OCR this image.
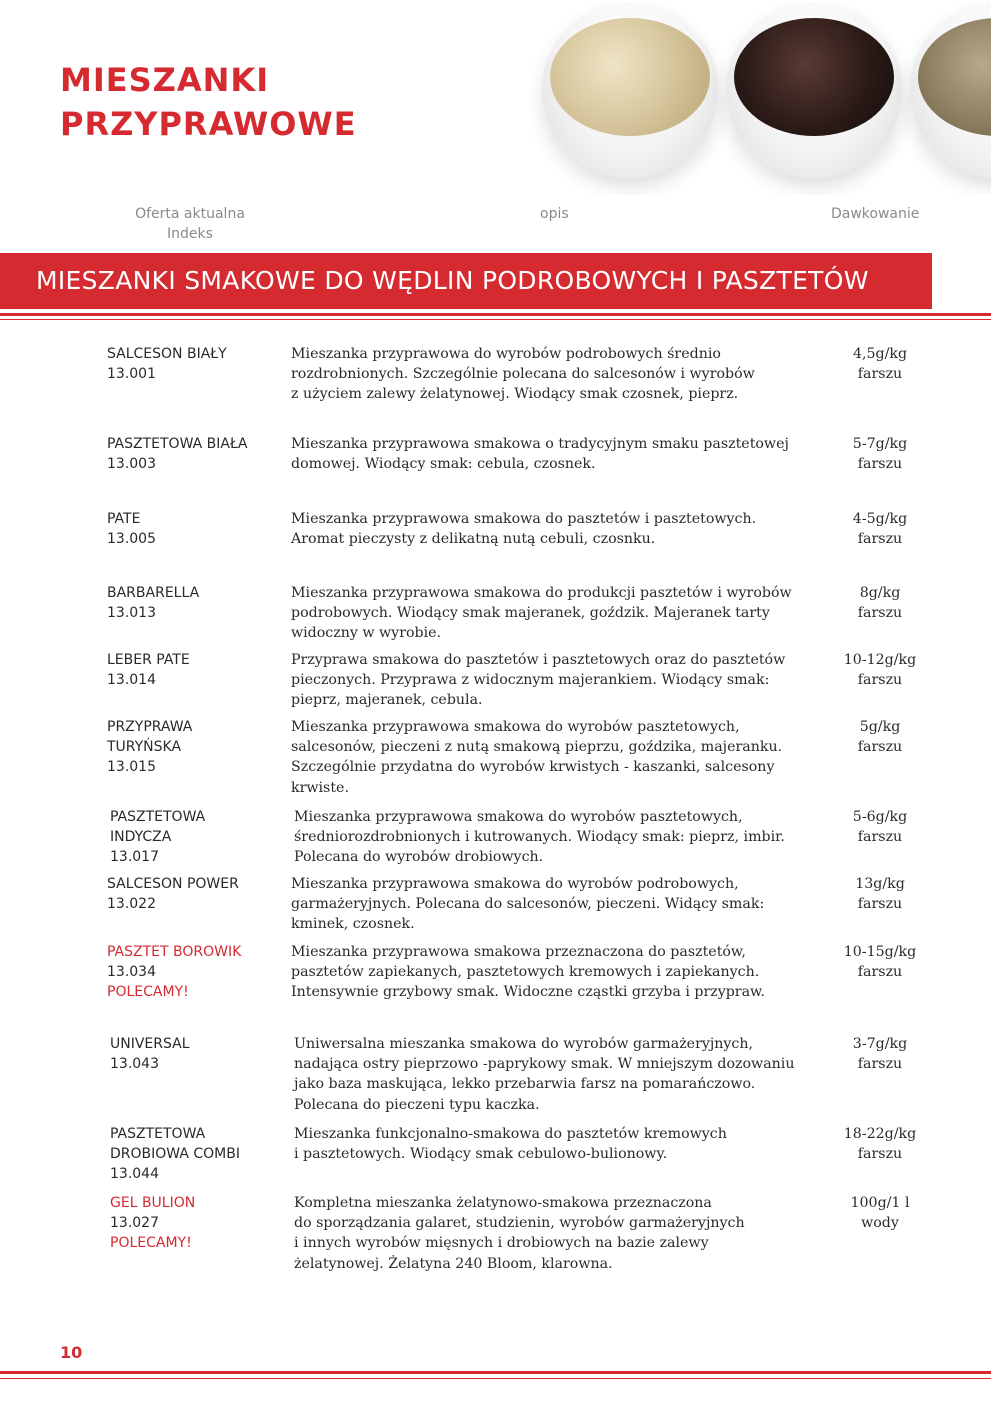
MIESZANKI
PRZYPRAWOWE
Oferta aktualna
Indeks
opis	Dawkowanie
MIESZANKI SMAKOWE DO WĘDLIN PODROBOWYCH I PASZTETÓW
SALCESON BIAŁY
13.001
Mieszanka przyprawowa do wyrobów podrobowych średnio
rozdrobnionych. Szczególnie polecana do salcesonów i wyrobów
z użyciem zalewy żelatynowej. Wiodący smak czosnek, pieprz.
4,5g/kg
farszu
PASZTETOWA BIAŁA
13.003
Mieszanka przyprawowa smakowa o tradycyjnym smaku pasztetowej
domowej. Wiodący smak: cebula, czosnek.
5-7g/kg
farszu
PATE
13.005
Mieszanka przyprawowa smakowa do pasztetów i pasztetowych.
Aromat pieczysty z delikatną nutą cebuli, czosnku.
4-5g/kg
farszu
BARBARELLA
13.013
Mieszanka przyprawowa smakowa do produkcji pasztetów i wyrobów
podrobowych. Wiodący smak majeranek, goździk. Majeranek tarty
widoczny w wyrobie.
8g/kg
farszu
LEBER PATE
13.014
Przyprawa smakowa do pasztetów i pasztetowych oraz do pasztetów
pieczonych. Przyprawa z widocznym majerankiem. Wiodący smak:
pieprz, majeranek, cebula.
10-12g/kg
farszu
PRZYPRAWA
TURYŃSKA
13.015
Mieszanka przyprawowa smakowa do wyrobów pasztetowych,
salcesonów, pieczeni z nutą smakową pieprzu, goździka, majeranku.
Szczególnie przydatna do wyrobów krwistych - kaszanki, salcesony
krwiste.
5g/kg
farszu
PASZTETOWA
INDYCZA
13.017
Mieszanka przyprawowa smakowa do wyrobów pasztetowych,
średniorozdrobnionych i kutrowanych. Wiodący smak: pieprz, imbir.
Polecana do wyrobów drobiowych.
5-6g/kg
farszu
SALCESON POWER
13.022
Mieszanka przyprawowa smakowa do wyrobów podrobowych,
garmażeryjnych. Polecana do salcesonów, pieczeni. Widący smak:
kminek, czosnek.
13g/kg
farszu
PASZTET BOROWIK
13.034
POLECAMY!
Mieszanka przyprawowa smakowa przeznaczona do pasztetów,
pasztetów zapiekanych, pasztetowych kremowych i zapiekanych.
Intensywnie grzybowy smak. Widoczne cząstki grzyba i przypraw.
10-15g/kg
farszu
UNIVERSAL
13.043
Uniwersalna mieszanka smakowa do wyrobów garmażeryjnych,
nadająca ostry pieprzowo -paprykowy smak. W mniejszym dozowaniu
jako baza maskująca, lekko przebarwia farsz na pomarańczowo.
Polecana do pieczeni typu kaczka.
3-7g/kg
farszu
PASZTETOWA
DROBIOWA COMBI
13.044
Mieszanka funkcjonalno-smakowa do pasztetów kremowych
i pasztetowych. Wiodący smak cebulowo-bulionowy.
18-22g/kg
farszu
GEL BULION
13.027
POLECAMY!
Kompletna mieszanka żelatynowo-smakowa przeznaczona
do sporządzania galaret, studzienin, wyrobów garmażeryjnych
i innych wyrobów mięsnych i drobiowych na bazie zalewy
żelatynowej. Żelatyna 240 Bloom, klarowna.
100g/1 l
wody
10
